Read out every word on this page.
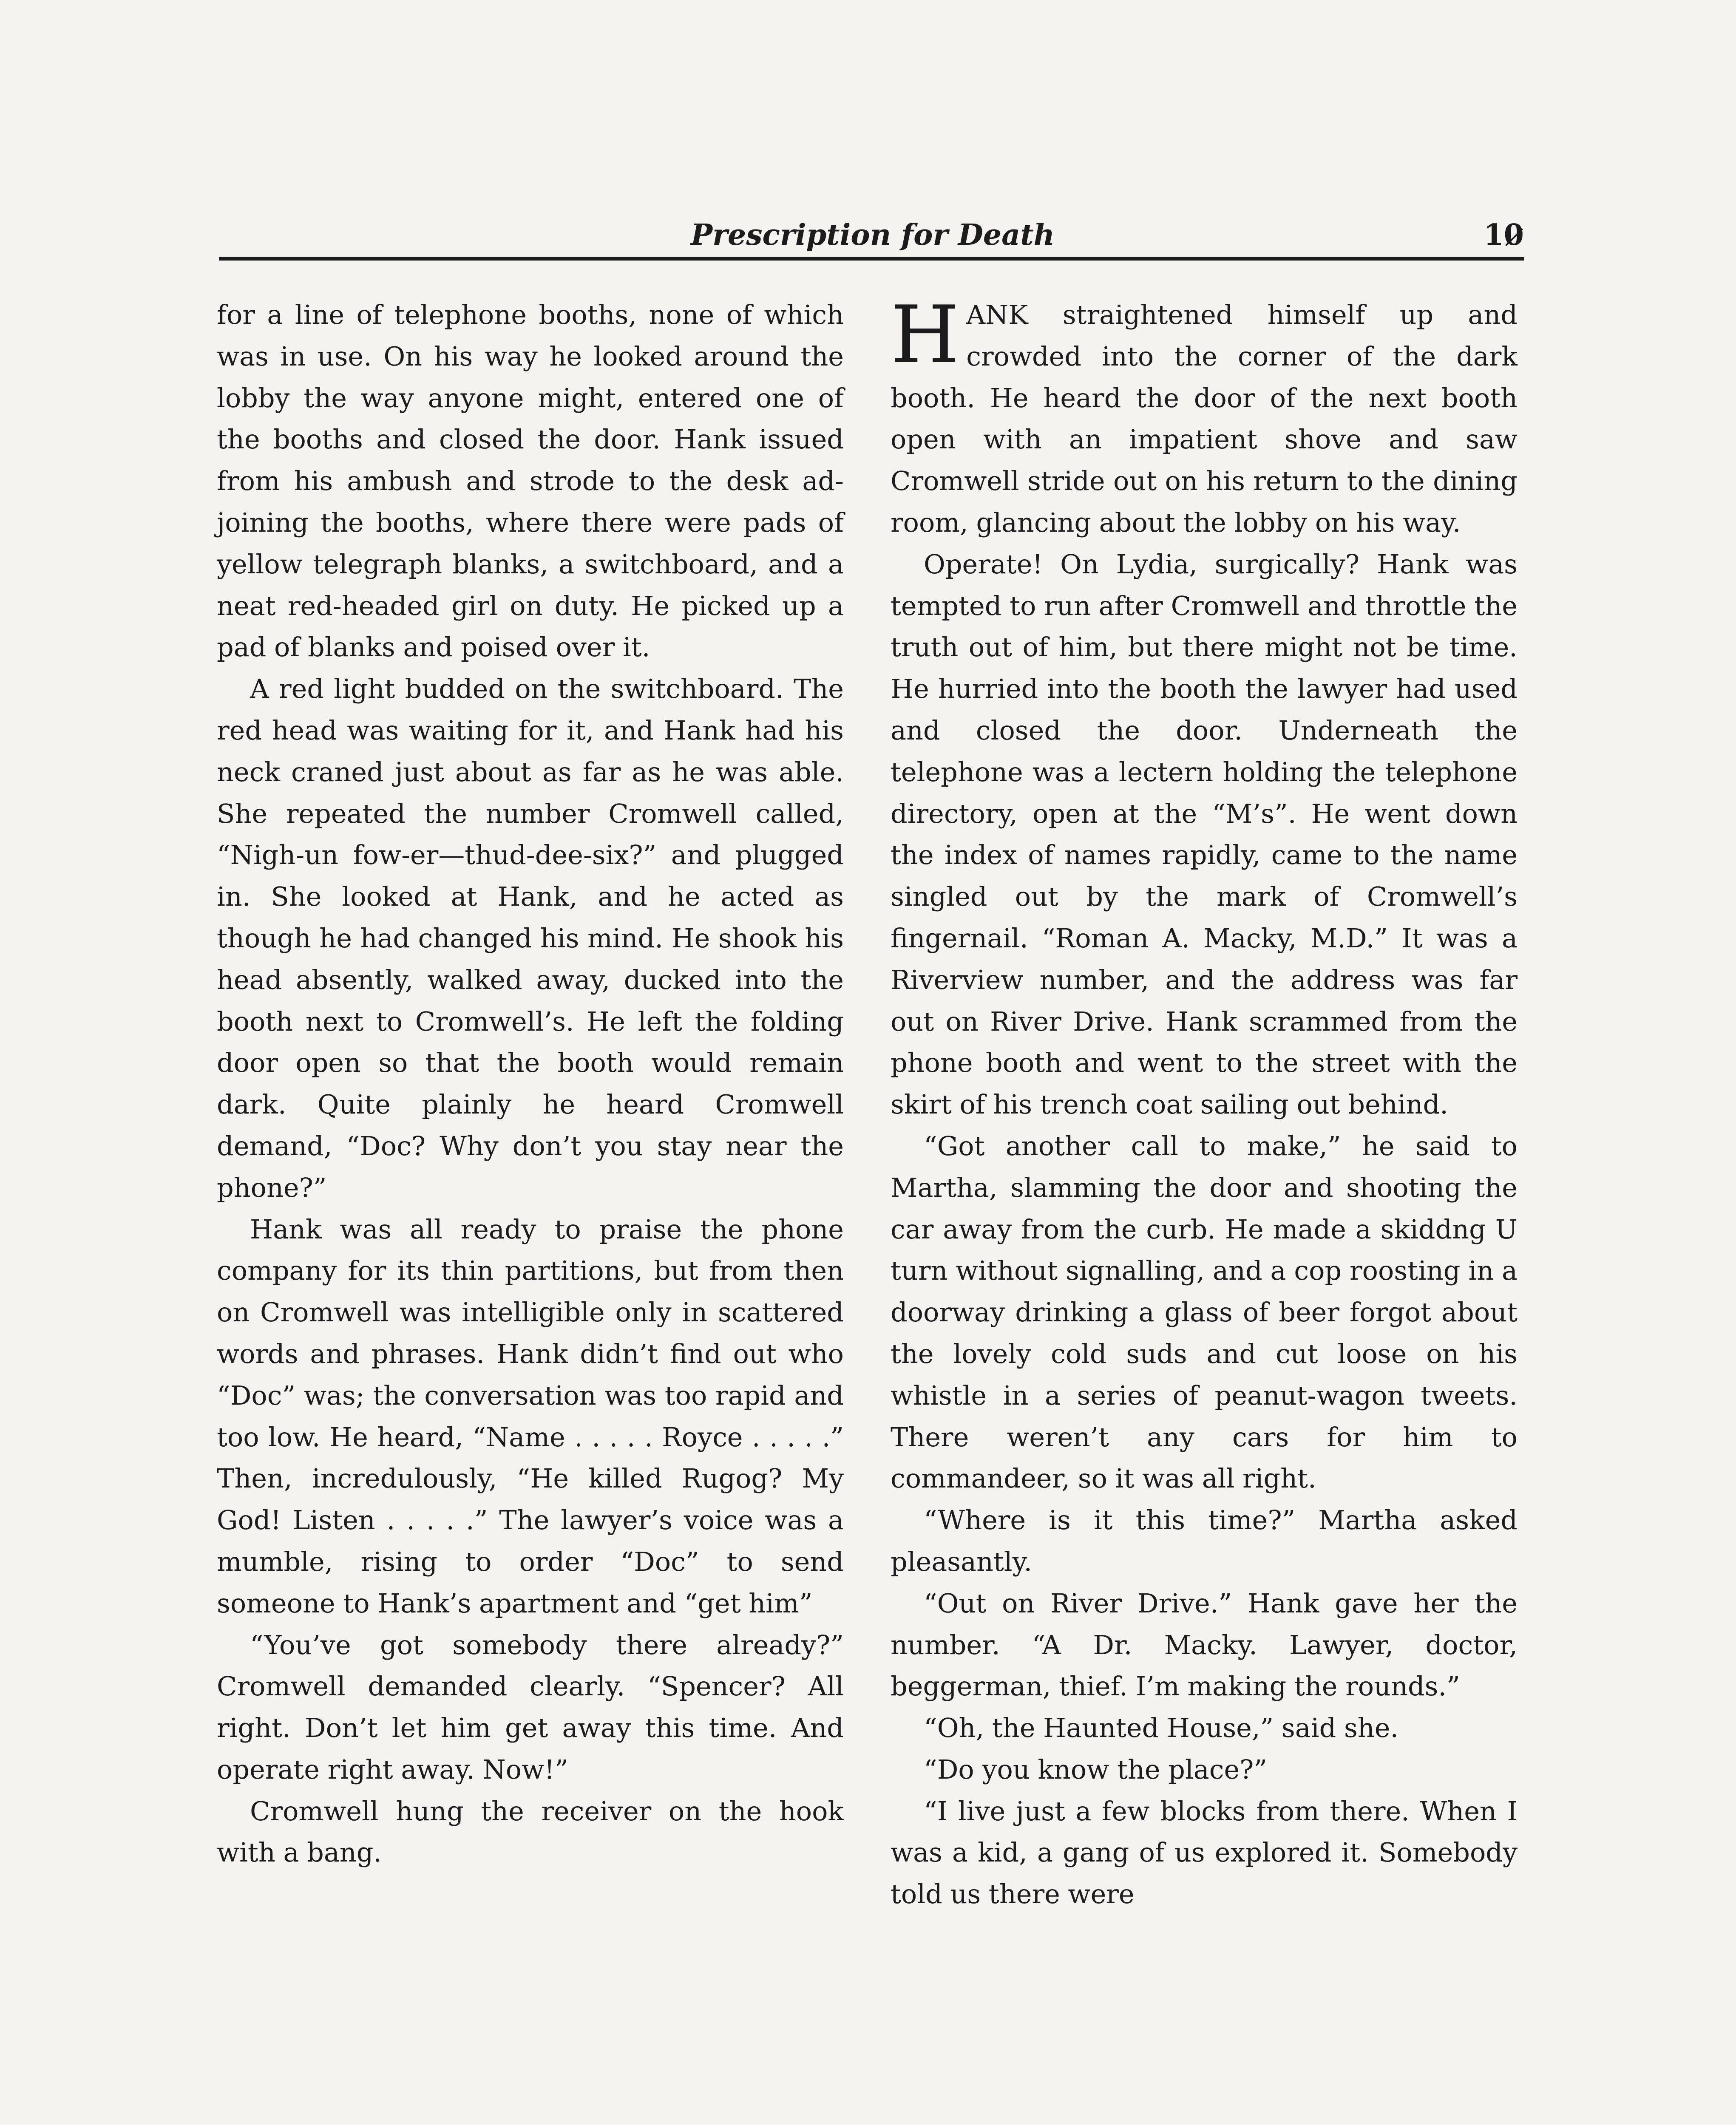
Prescription for Death	10̷

for a line of telephone booths, none of which was in use. On his way he looked around the lobby the way anyone might, entered one of the booths and closed the door. Hank issued from his ambush and strode to the desk adjoining the booths, where there were pads of yellow telegraph blanks, a switchboard, and a neat red-headed girl on duty. He picked up a pad of blanks and poised over it.

A red light budded on the switchboard. The red head was waiting for it, and Hank had his neck craned just about as far as he was able. She repeated the number Cromwell called, “Nigh-un fow-er—thud-dee-six?” and plugged in. She looked at Hank, and he acted as though he had changed his mind. He shook his head absently, walked away, ducked into the booth next to Cromwell’s. He left the folding door open so that the booth would remain dark. Quite plainly he heard Cromwell demand, “Doc? Why don’t you stay near the phone?”

Hank was all ready to praise the phone company for its thin partitions, but from then on Cromwell was intelligible only in scattered words and phrases. Hank didn’t find out who “Doc” was; the conversation was too rapid and too low. He heard, “Name . . . . . Royce . . . . .” Then, incredulously, “He killed Rugog? My God! Listen . . . . .” The lawyer’s voice was a mumble, rising to order “Doc” to send someone to Hank’s apartment and “get him”

“You’ve got somebody there already?” Cromwell demanded clearly. “Spencer? All right. Don’t let him get away this time. And operate right away. Now!”

Cromwell hung the receiver on the hook with a bang.

HANK straightened himself up and crowded into the corner of the dark booth. He heard the door of the next booth open with an impatient shove and saw Cromwell stride out on his return to the dining room, glancing about the lobby on his way.

Operate! On Lydia, surgically? Hank was tempted to run after Cromwell and throttle the truth out of him, but there might not be time. He hurried into the booth the lawyer had used and closed the door. Underneath the telephone was a lectern holding the telephone directory, open at the “M’s”. He went down the index of names rapidly, came to the name singled out by the mark of Cromwell’s fingernail. “Roman A. Macky, M.D.” It was a Riverview number, and the address was far out on River Drive. Hank scrammed from the phone booth and went to the street with the skirt of his trench coat sailing out behind.

“Got another call to make,” he said to Martha, slamming the door and shooting the car away from the curb. He made a skiddng U turn without signalling, and a cop roosting in a doorway drinking a glass of beer forgot about the lovely cold suds and cut loose on his whistle in a series of peanut-wagon tweets. There weren’t any cars for him to commandeer, so it was all right.

“Where is it this time?” Martha asked pleasantly.

“Out on River Drive.” Hank gave her the number. “A Dr. Macky. Lawyer, doctor, beggerman, thief. I’m making the rounds.”

“Oh, the Haunted House,” said she.

“Do you know the place?”

“I live just a few blocks from there. When I was a kid, a gang of us explored it. Somebody told us there were
